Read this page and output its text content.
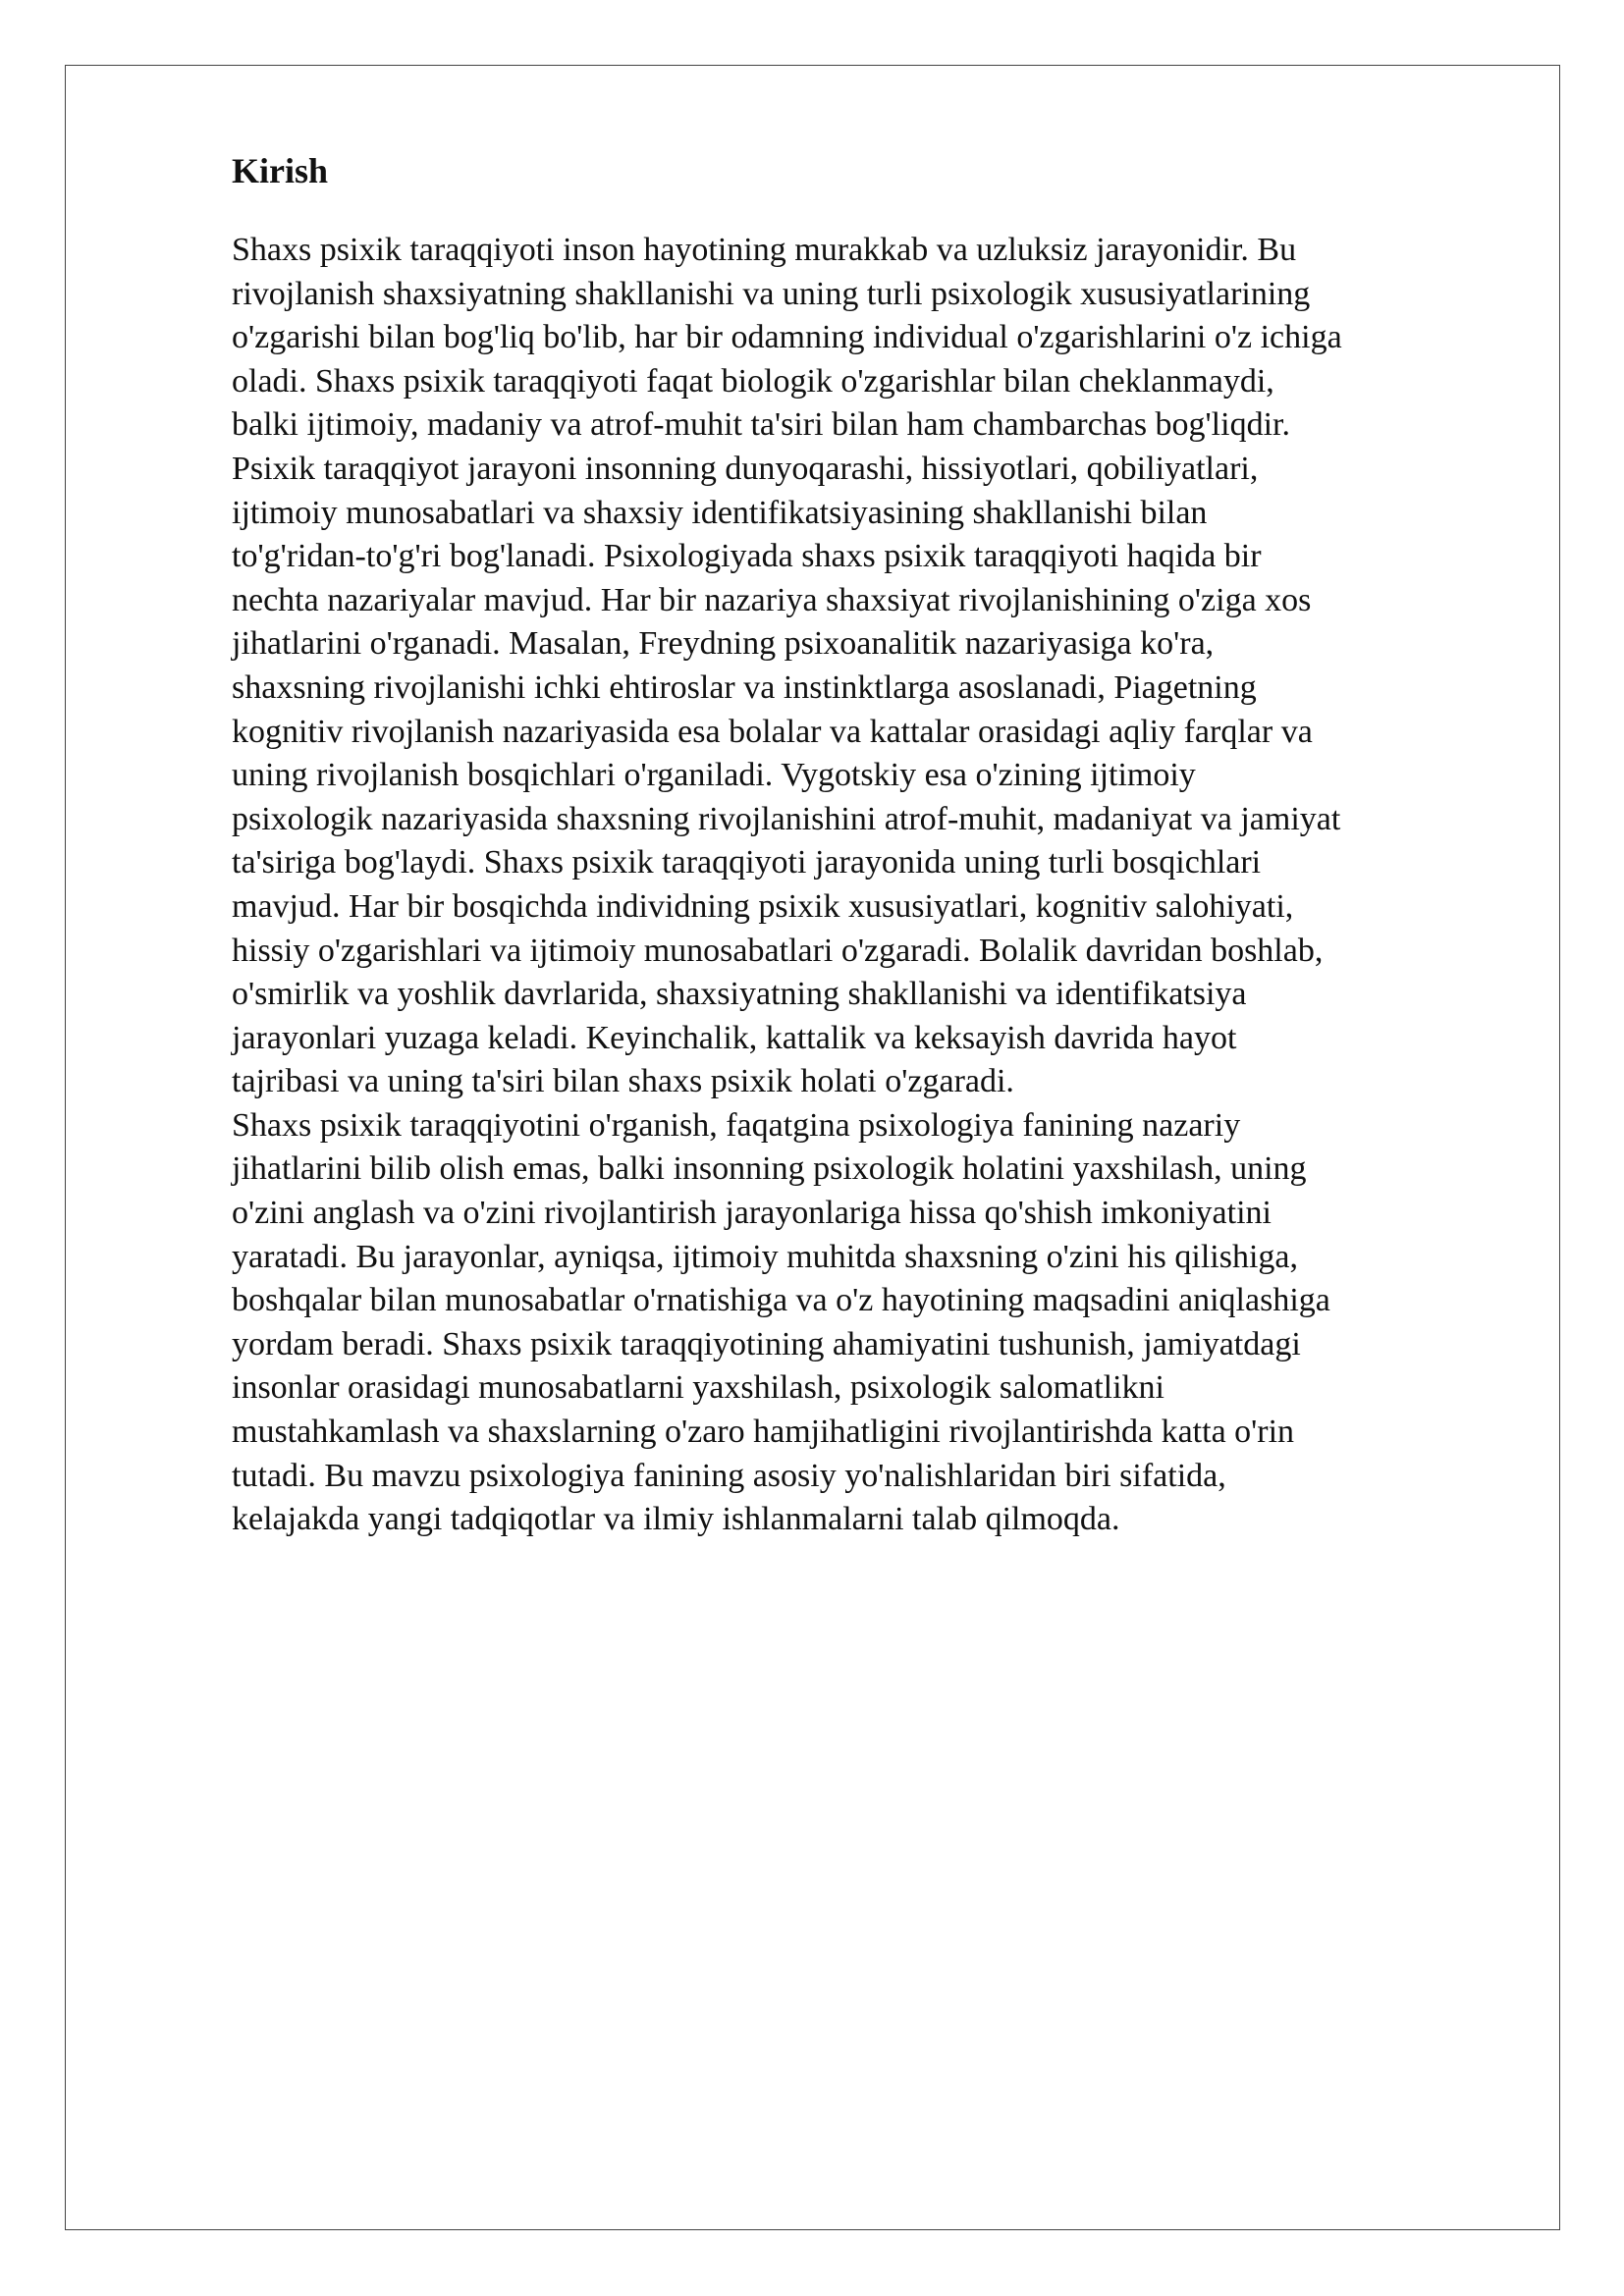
Kirish

Shaxs psixik taraqqiyoti inson hayotining murakkab va uzluksiz jarayonidir. Bu
rivojlanish shaxsiyatning shakllanishi va uning turli psixologik xususiyatlarining
o'zgarishi bilan bog'liq bo'lib, har bir odamning individual o'zgarishlarini o'z ichiga
oladi. Shaxs psixik taraqqiyoti faqat biologik o'zgarishlar bilan cheklanmaydi,
balki ijtimoiy, madaniy va atrof-muhit ta'siri bilan ham chambarchas bog'liqdir.
Psixik taraqqiyot jarayoni insonning dunyoqarashi, hissiyotlari, qobiliyatlari,
ijtimoiy munosabatlari va shaxsiy identifikatsiyasining shakllanishi bilan
to'g'ridan-to'g'ri bog'lanadi. Psixologiyada shaxs psixik taraqqiyoti haqida bir
nechta nazariyalar mavjud. Har bir nazariya shaxsiyat rivojlanishining o'ziga xos
jihatlarini o'rganadi. Masalan, Freydning psixoanalitik nazariyasiga ko'ra,
shaxsning rivojlanishi ichki ehtiroslar va instinktlarga asoslanadi, Piagetning
kognitiv rivojlanish nazariyasida esa bolalar va kattalar orasidagi aqliy farqlar va
uning rivojlanish bosqichlari o'rganiladi. Vygotskiy esa o'zining ijtimoiy
psixologik nazariyasida shaxsning rivojlanishini atrof-muhit, madaniyat va jamiyat
ta'siriga bog'laydi. Shaxs psixik taraqqiyoti jarayonida uning turli bosqichlari
mavjud. Har bir bosqichda individning psixik xususiyatlari, kognitiv salohiyati,
hissiy o'zgarishlari va ijtimoiy munosabatlari o'zgaradi. Bolalik davridan boshlab,
o'smirlik va yoshlik davrlarida, shaxsiyatning shakllanishi va identifikatsiya
jarayonlari yuzaga keladi. Keyinchalik, kattalik va keksayish davrida hayot
tajribasi va uning ta'siri bilan shaxs psixik holati o'zgaradi.

Shaxs psixik taraqqiyotini o'rganish, faqatgina psixologiya fanining nazariy
jihatlarini bilib olish emas, balki insonning psixologik holatini yaxshilash, uning
o'zini anglash va o'zini rivojlantirish jarayonlariga hissa qo'shish imkoniyatini
yaratadi. Bu jarayonlar, ayniqsa, ijtimoiy muhitda shaxsning o'zini his qilishiga,
boshqalar bilan munosabatlar o'rnatishiga va o'z hayotining maqsadini aniqlashiga
yordam beradi. Shaxs psixik taraqqiyotining ahamiyatini tushunish, jamiyatdagi
insonlar orasidagi munosabatlarni yaxshilash, psixologik salomatlikni
mustahkamlash va shaxslarning o'zaro hamjihatligini rivojlantirishda katta o'rin
tutadi. Bu mavzu psixologiya fanining asosiy yo'nalishlaridan biri sifatida,
kelajakda yangi tadqiqotlar va ilmiy ishlanmalarni talab qilmoqda.
